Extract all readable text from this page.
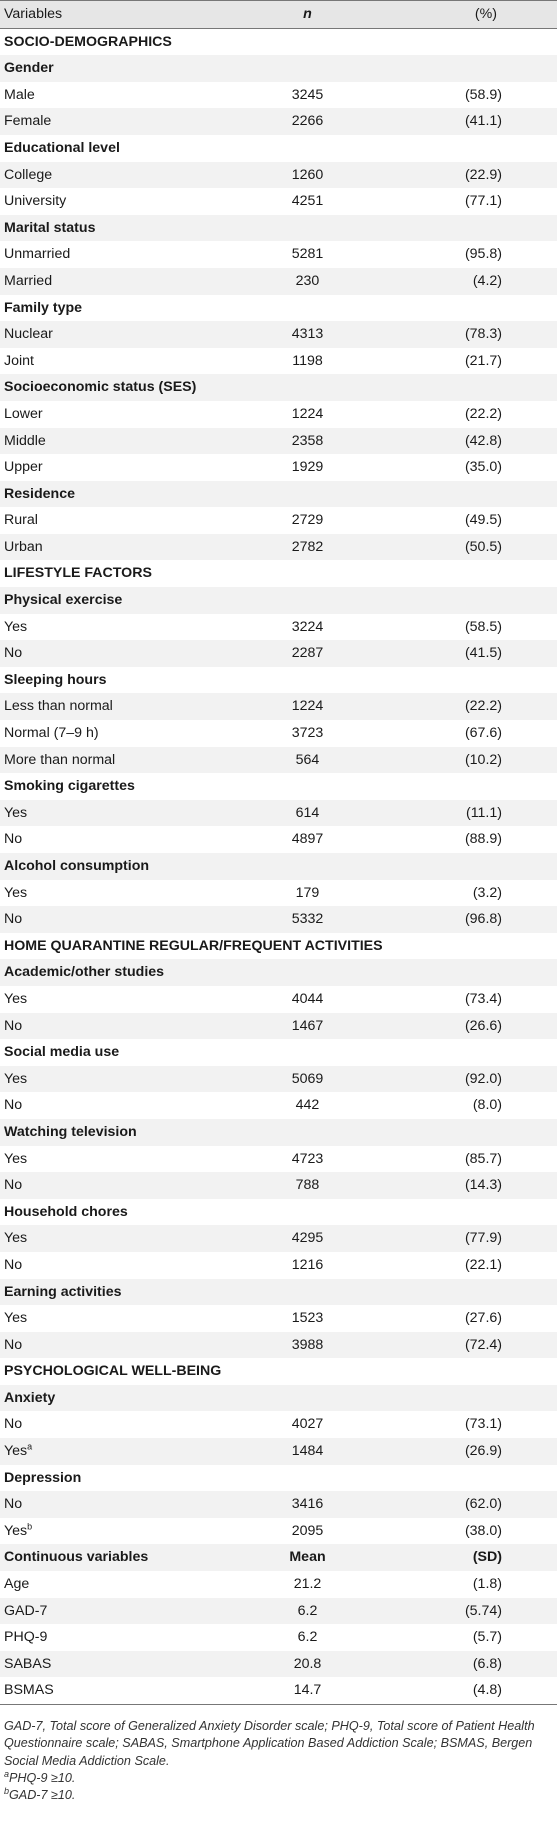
Variables	n	(%)
SOCIO-DEMOGRAPHICS		
Gender		
Male	3245	(58.9)
Female	2266	(41.1)
Educational level		
College	1260	(22.9)
University	4251	(77.1)
Marital status		
Unmarried	5281	(95.8)
Married	230	(4.2)
Family type		
Nuclear	4313	(78.3)
Joint	1198	(21.7)
Socioeconomic status (SES)		
Lower	1224	(22.2)
Middle	2358	(42.8)
Upper	1929	(35.0)
Residence		
Rural	2729	(49.5)
Urban	2782	(50.5)
LIFESTYLE FACTORS		
Physical exercise		
Yes	3224	(58.5)
No	2287	(41.5)
Sleeping hours		
Less than normal	1224	(22.2)
Normal (7–9 h)	3723	(67.6)
More than normal	564	(10.2)
Smoking cigarettes		
Yes	614	(11.1)
No	4897	(88.9)
Alcohol consumption		
Yes	179	(3.2)
No	5332	(96.8)
HOME QUARANTINE REGULAR/FREQUENT ACTIVITIES		
Academic/other studies		
Yes	4044	(73.4)
No	1467	(26.6)
Social media use		
Yes	5069	(92.0)
No	442	(8.0)
Watching television		
Yes	4723	(85.7)
No	788	(14.3)
Household chores		
Yes	4295	(77.9)
No	1216	(22.1)
Earning activities		
Yes	1523	(27.6)
No	3988	(72.4)
PSYCHOLOGICAL WELL-BEING		
Anxiety		
No	4027	(73.1)
Yes$^a$	1484	(26.9)
Depression		
No	3416	(62.0)
Yes$^b$	2095	(38.0)
Continuous variables	Mean	(SD)
Age	21.2	(1.8)
GAD-7	6.2	(5.74)
PHQ-9	6.2	(5.7)
SABAS	20.8	(6.8)
BSMAS	14.7	(4.8)

GAD-7, Total score of Generalized Anxiety Disorder scale; PHQ-9, Total score of Patient Health Questionnaire scale; SABAS, Smartphone Application Based Addiction Scale; BSMAS, Bergen Social Media Addiction Scale.

$^a$PHQ-9 ≥10.

$^b$GAD-7 ≥10.
